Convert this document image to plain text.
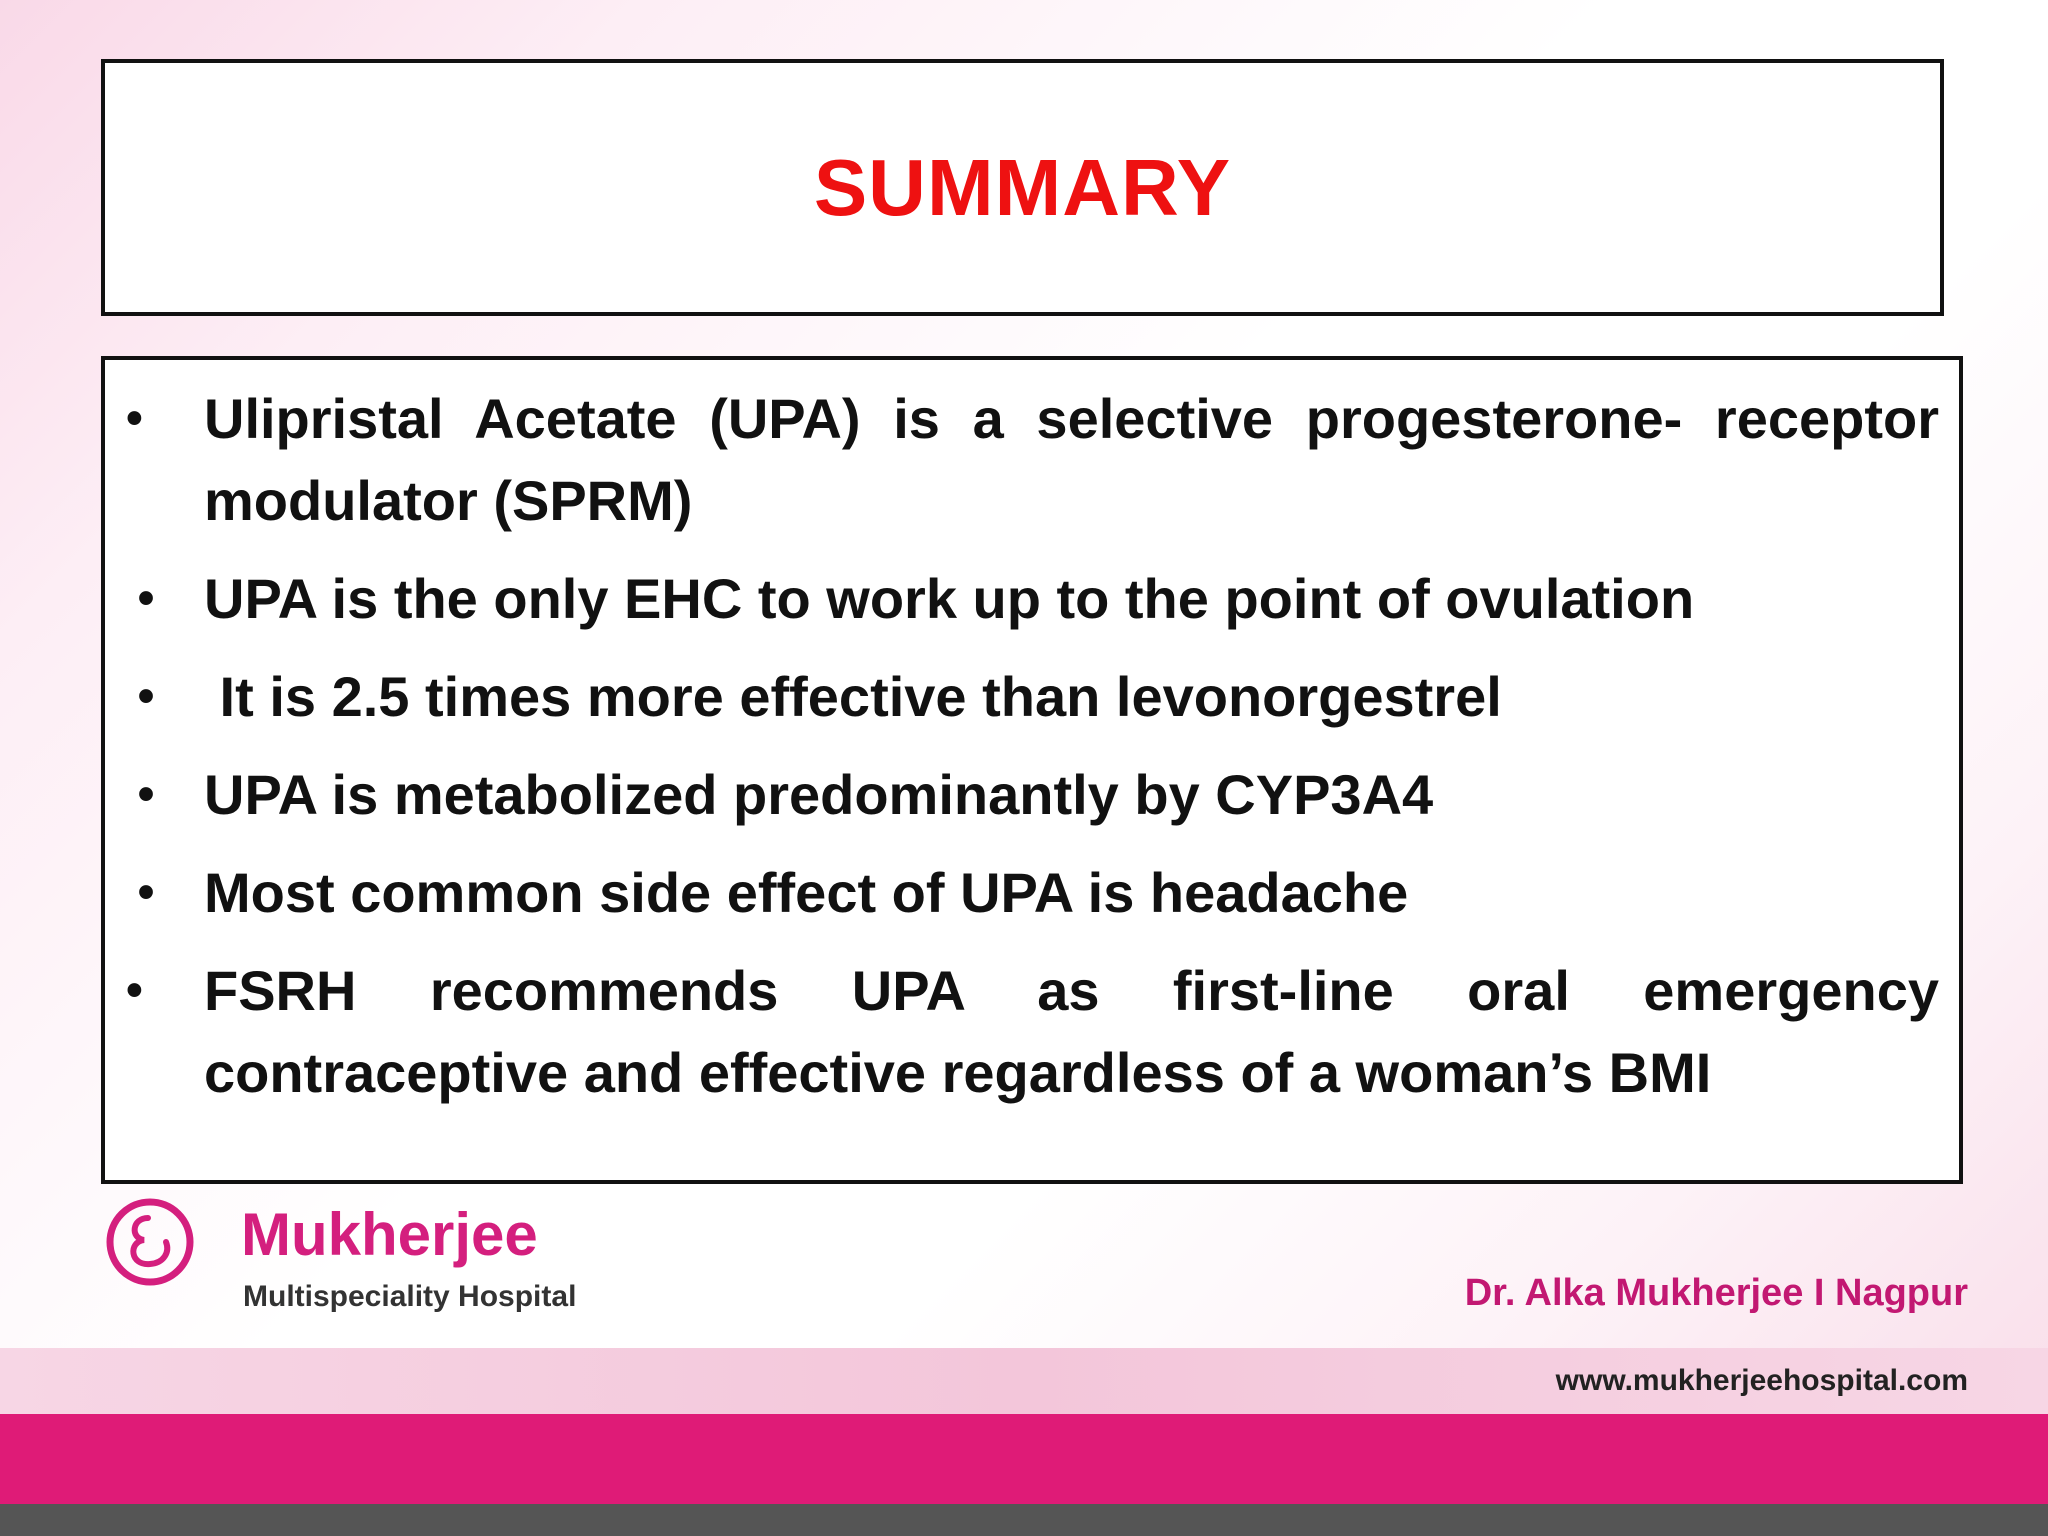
SUMMARY
•	Ulipristal Acetate (UPA) is a selective progesterone- receptor modulator (SPRM)
• UPA is the only EHC to work up to the point of ovulation
• It is 2.5 times more effective than levonorgestrel
• UPA is metabolized predominantly by CYP3A4
• Most common side effect of UPA is headache
•	FSRH recommends UPA as first-line oral emergency contraceptive and effective regardless of a woman’s BMI
Mukherjee
Multispeciality Hospital	Dr. Alka Mukherjee I Nagpur
www.mukherjeehospital.com
